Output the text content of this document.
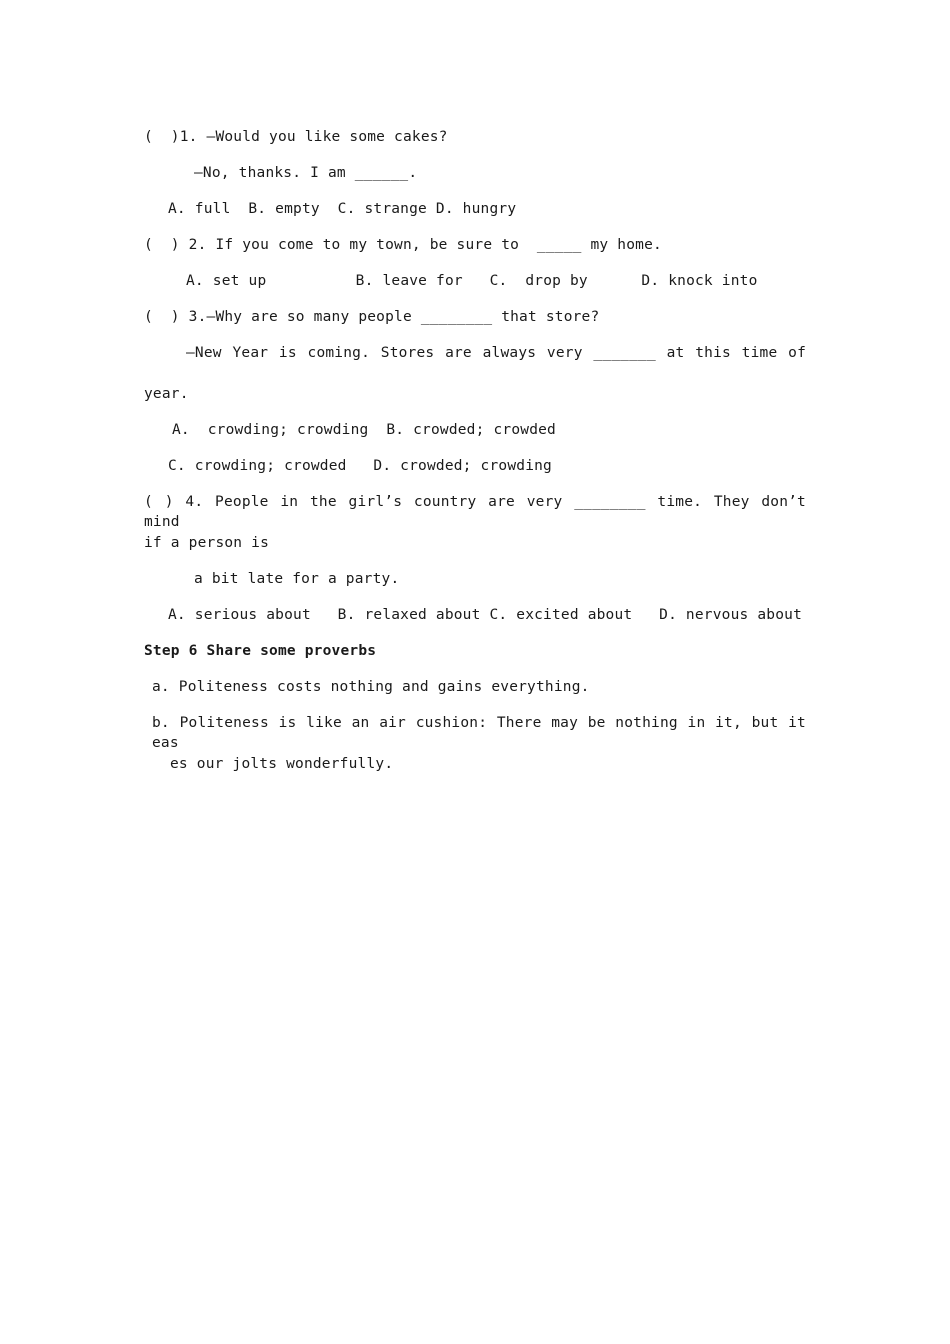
(  )1. —Would you like some cakes?
—No, thanks. I am ______.
A. full  B. empty  C. strange D. hungry
(  ) 2. If you come to my town, be sure to  _____ my home.
A. set up          B. leave for   C.  drop by      D. knock into
(  ) 3.—Why are so many people ________ that store?
—New Year is coming. Stores are always very _______ at this time of
year.
A.  crowding; crowding  B. crowded; crowded
C. crowding; crowded   D. crowded; crowding
( ) 4. People in the girl’s country are very ________ time. They don’t mind
if a person is
a bit late for a party.
A. serious about   B. relaxed about C. excited about   D. nervous about
Step 6 Share some proverbs
a. Politeness costs nothing and gains everything.
b. Politeness is like an air cushion: There may be nothing in it, but it eas
es our jolts wonderfully.
